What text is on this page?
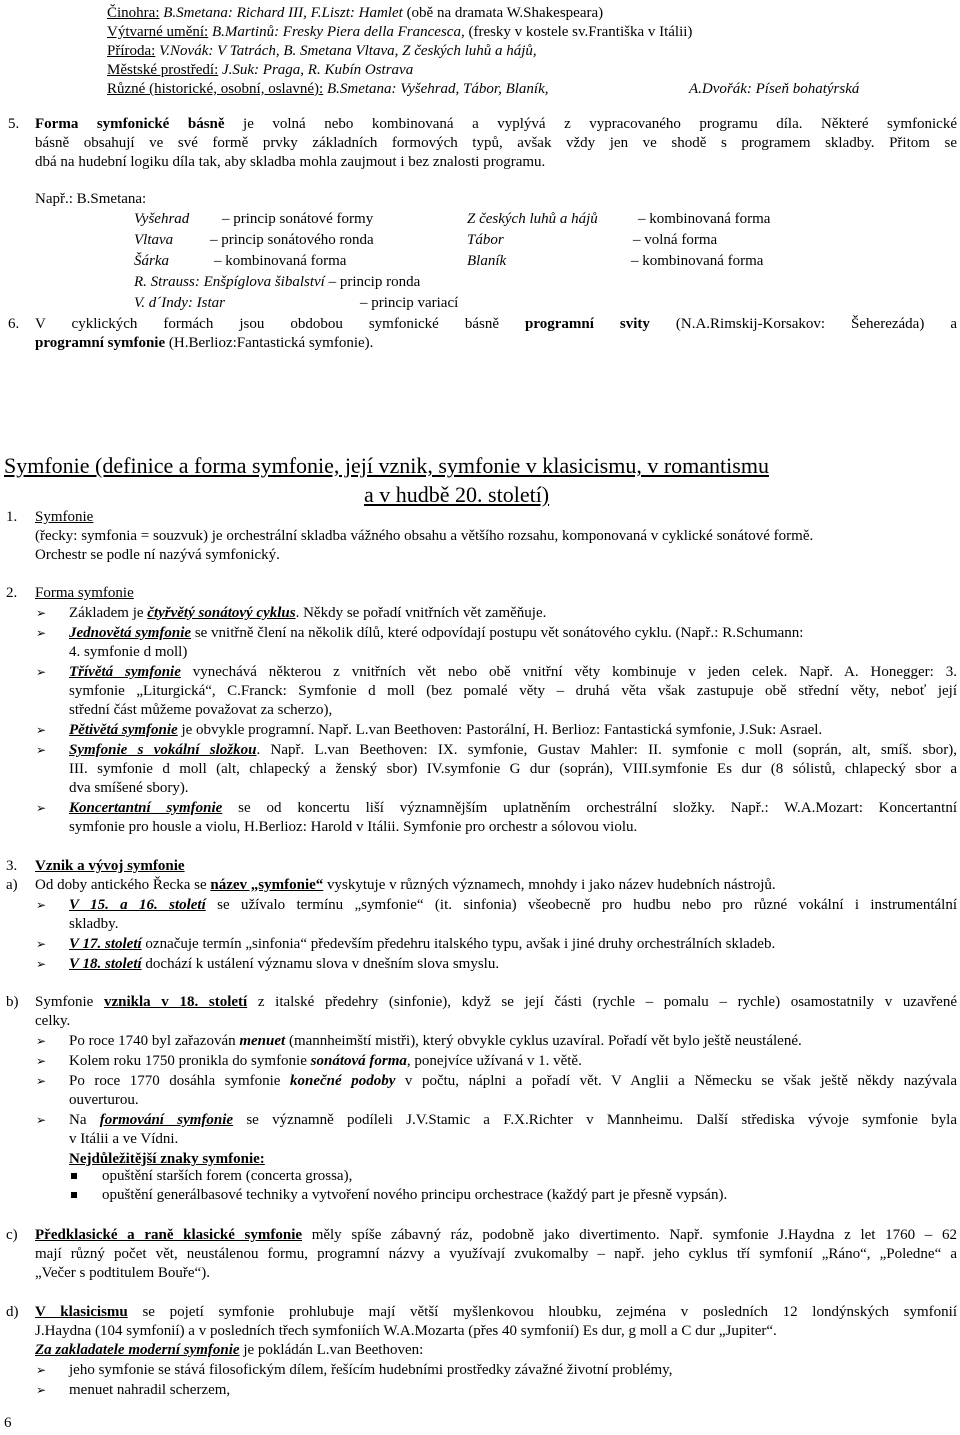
Činohra: B.Smetana: Richard III, F.Liszt: Hamlet (obě na dramata W.Shakespeara)
Výtvarné umění: B.Martinů: Fresky Piera della Francesca, (fresky v kostele sv.Františka v Itálii)
Příroda: V.Novák: V Tatrách, B. Smetana Vltava, Z českých luhů a hájů,
Městské prostředí: J.Suk: Praga, R. Kubín Ostrava
Různé (historické, osobní, oslavné): B.Smetana: Vyšehrad, Tábor, Blaník,	A.Dvořák: Píseň bohatýrská
5. Forma symfonické básně je volná nebo kombinovaná a vyplývá z vypracovaného programu díla. Některé symfonické
básně obsahují ve své formě prvky základních formových typů, avšak vždy jen ve shodě s programem skladby. Přitom se
dbá na hudební logiku díla tak, aby skladba mohla zaujmout i bez znalosti programu.
Např.: B.Smetana:
Vyšehrad – princip sonátové formy	Z českých luhů a hájů	– kombinovaná forma
Vltava – princip sonátového ronda	Tábor	– volná forma
Šárka	– kombinovaná forma	Blaník	– kombinovaná forma
R. Strauss: Enšpíglova šibalství – princip ronda
V. d´Indy: Istar	– princip variací
6. V cyklických formách jsou obdobou symfonické básně programní svity (N.A.Rimskij-Korsakov: Šeherezáda) a
programní symfonie (H.Berlioz:Fantastická symfonie).
Symfonie (definice a forma symfonie, její vznik, symfonie v klasicismu, v romantismu
a v hudbě 20. století)
1. Symfonie
(řecky: symfonia = souzvuk) je orchestrální skladba vážného obsahu a většího rozsahu, komponovaná v cyklické sonátové formě.
Orchestr se podle ní nazývá symfonický.
2. Forma symfonie
➢ Základem je čtyřvětý sonátový cyklus. Někdy se pořadí vnitřních vět zaměňuje.
➢ Jednovětá symfonie se vnitřně člení na několik dílů, které odpovídají postupu vět sonátového cyklu. (Např.: R.Schumann:
4. symfonie d moll)
➢ Třívětá symfonie vynechává některou z vnitřních vět nebo obě vnitřní věty kombinuje v jeden celek. Např. A. Honegger: 3.
symfonie „Liturgická“, C.Franck: Symfonie d moll (bez pomalé věty – druhá věta však zastupuje obě střední věty, neboť její
střední část můžeme považovat za scherzo),
➢ Pětivětá symfonie je obvykle programní. Např. L.van Beethoven: Pastorální, H. Berlioz: Fantastická symfonie, J.Suk: Asrael.
➢ Symfonie s vokální složkou. Např. L.van Beethoven: IX. symfonie, Gustav Mahler: II. symfonie c moll (soprán, alt, smíš. sbor),
III. symfonie d moll (alt, chlapecký a ženský sbor) IV.symfonie G dur (soprán), VIII.symfonie Es dur (8 sólistů, chlapecký sbor a
dva smíšené sbory).
➢ Koncertantní symfonie se od koncertu liší významnějším uplatněním orchestrální složky. Např.: W.A.Mozart: Koncertantní
symfonie pro housle a violu, H.Berlioz: Harold v Itálii. Symfonie pro orchestr a sólovou violu.
3. Vznik a vývoj symfonie
a) Od doby antického Řecka se název „symfonie“ vyskytuje v různých významech, mnohdy i jako název hudebních nástrojů.
➢ V 15. a 16. století se užívalo termínu „symfonie“ (it. sinfonia) všeobecně pro hudbu nebo pro různé vokální i instrumentální
skladby.
➢ V 17. století označuje termín „sinfonia“ především předehru italského typu, avšak i jiné druhy orchestrálních skladeb.
➢ V 18. století dochází k ustálení významu slova v dnešním slova smyslu.
b) Symfonie vznikla v 18. století z italské předehry (sinfonie), když se její části (rychle – pomalu – rychle) osamostatnily v uzavřené
celky.
➢ Po roce 1740 byl zařazován menuet (mannheimští mistři), který obvykle cyklus uzavíral. Pořadí vět bylo ještě neustálené.
➢ Kolem roku 1750 pronikla do symfonie sonátová forma, ponejvíce užívaná v 1. větě.
➢ Po roce 1770 dosáhla symfonie konečné podoby v počtu, náplni a pořadí vět. V Anglii a Německu se však ještě někdy nazývala
ouverturou.
➢ Na formování symfonie se významně podíleli J.V.Stamic a F.X.Richter v Mannheimu. Další střediska vývoje symfonie byla
v Itálii a ve Vídni.
Nejdůležitější znaky symfonie:
opuštění starších forem (concerta grossa),
opuštění generálbasové techniky a vytvoření nového principu orchestrace (každý part je přesně vypsán).
c) Předklasické a raně klasické symfonie měly spíše zábavný ráz, podobně jako divertimento. Např. symfonie J.Haydna z let 1760 – 62
mají různý počet vět, neustálenou formu, programní názvy a využívají zvukomalby – např. jeho cyklus tří symfonií „Ráno“, „Poledne“ a
„Večer s podtitulem Bouře“).
d) V klasicismu se pojetí symfonie prohlubuje mají větší myšlenkovou hloubku, zejména v posledních 12 londýnských symfonií
J.Haydna (104 symfonií) a v posledních třech symfoniích W.A.Mozarta (přes 40 symfonií) Es dur, g moll a C dur „Jupiter“.
Za zakladatele moderní symfonie je pokládán L.van Beethoven:
➢ jeho symfonie se stává filosofickým dílem, řešícím hudebními prostředky závažné životní problémy,
➢ menuet nahradil scherzem,
6
